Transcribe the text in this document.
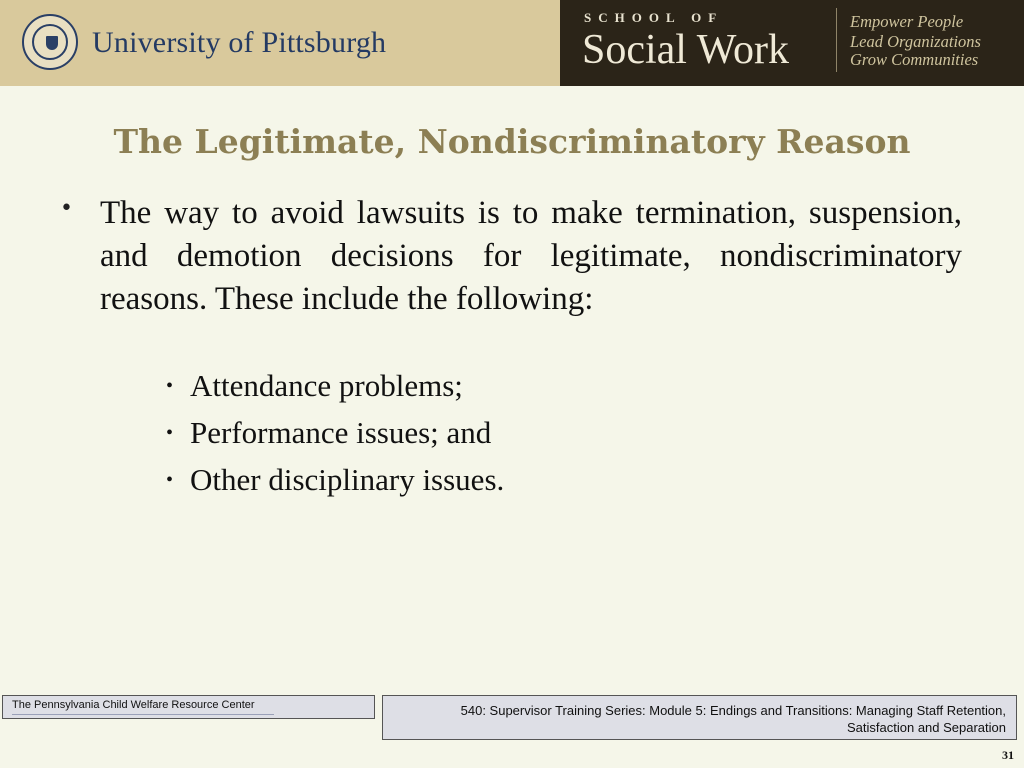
University of Pittsburgh
SCHOOL OF
Social Work
Empower People
Lead Organizations
Grow Communities
The Legitimate, Nondiscriminatory Reason
• The way to avoid lawsuits is to make termination, suspension, and demotion decisions for legitimate, nondiscriminatory reasons. These include the following:
• Attendance problems;
• Performance issues; and
• Other disciplinary issues.
The Pennsylvania Child Welfare Resource Center	540: Supervisor Training Series: Module 5: Endings and Transitions: Managing Staff Retention,
Satisfaction and Separation
31
